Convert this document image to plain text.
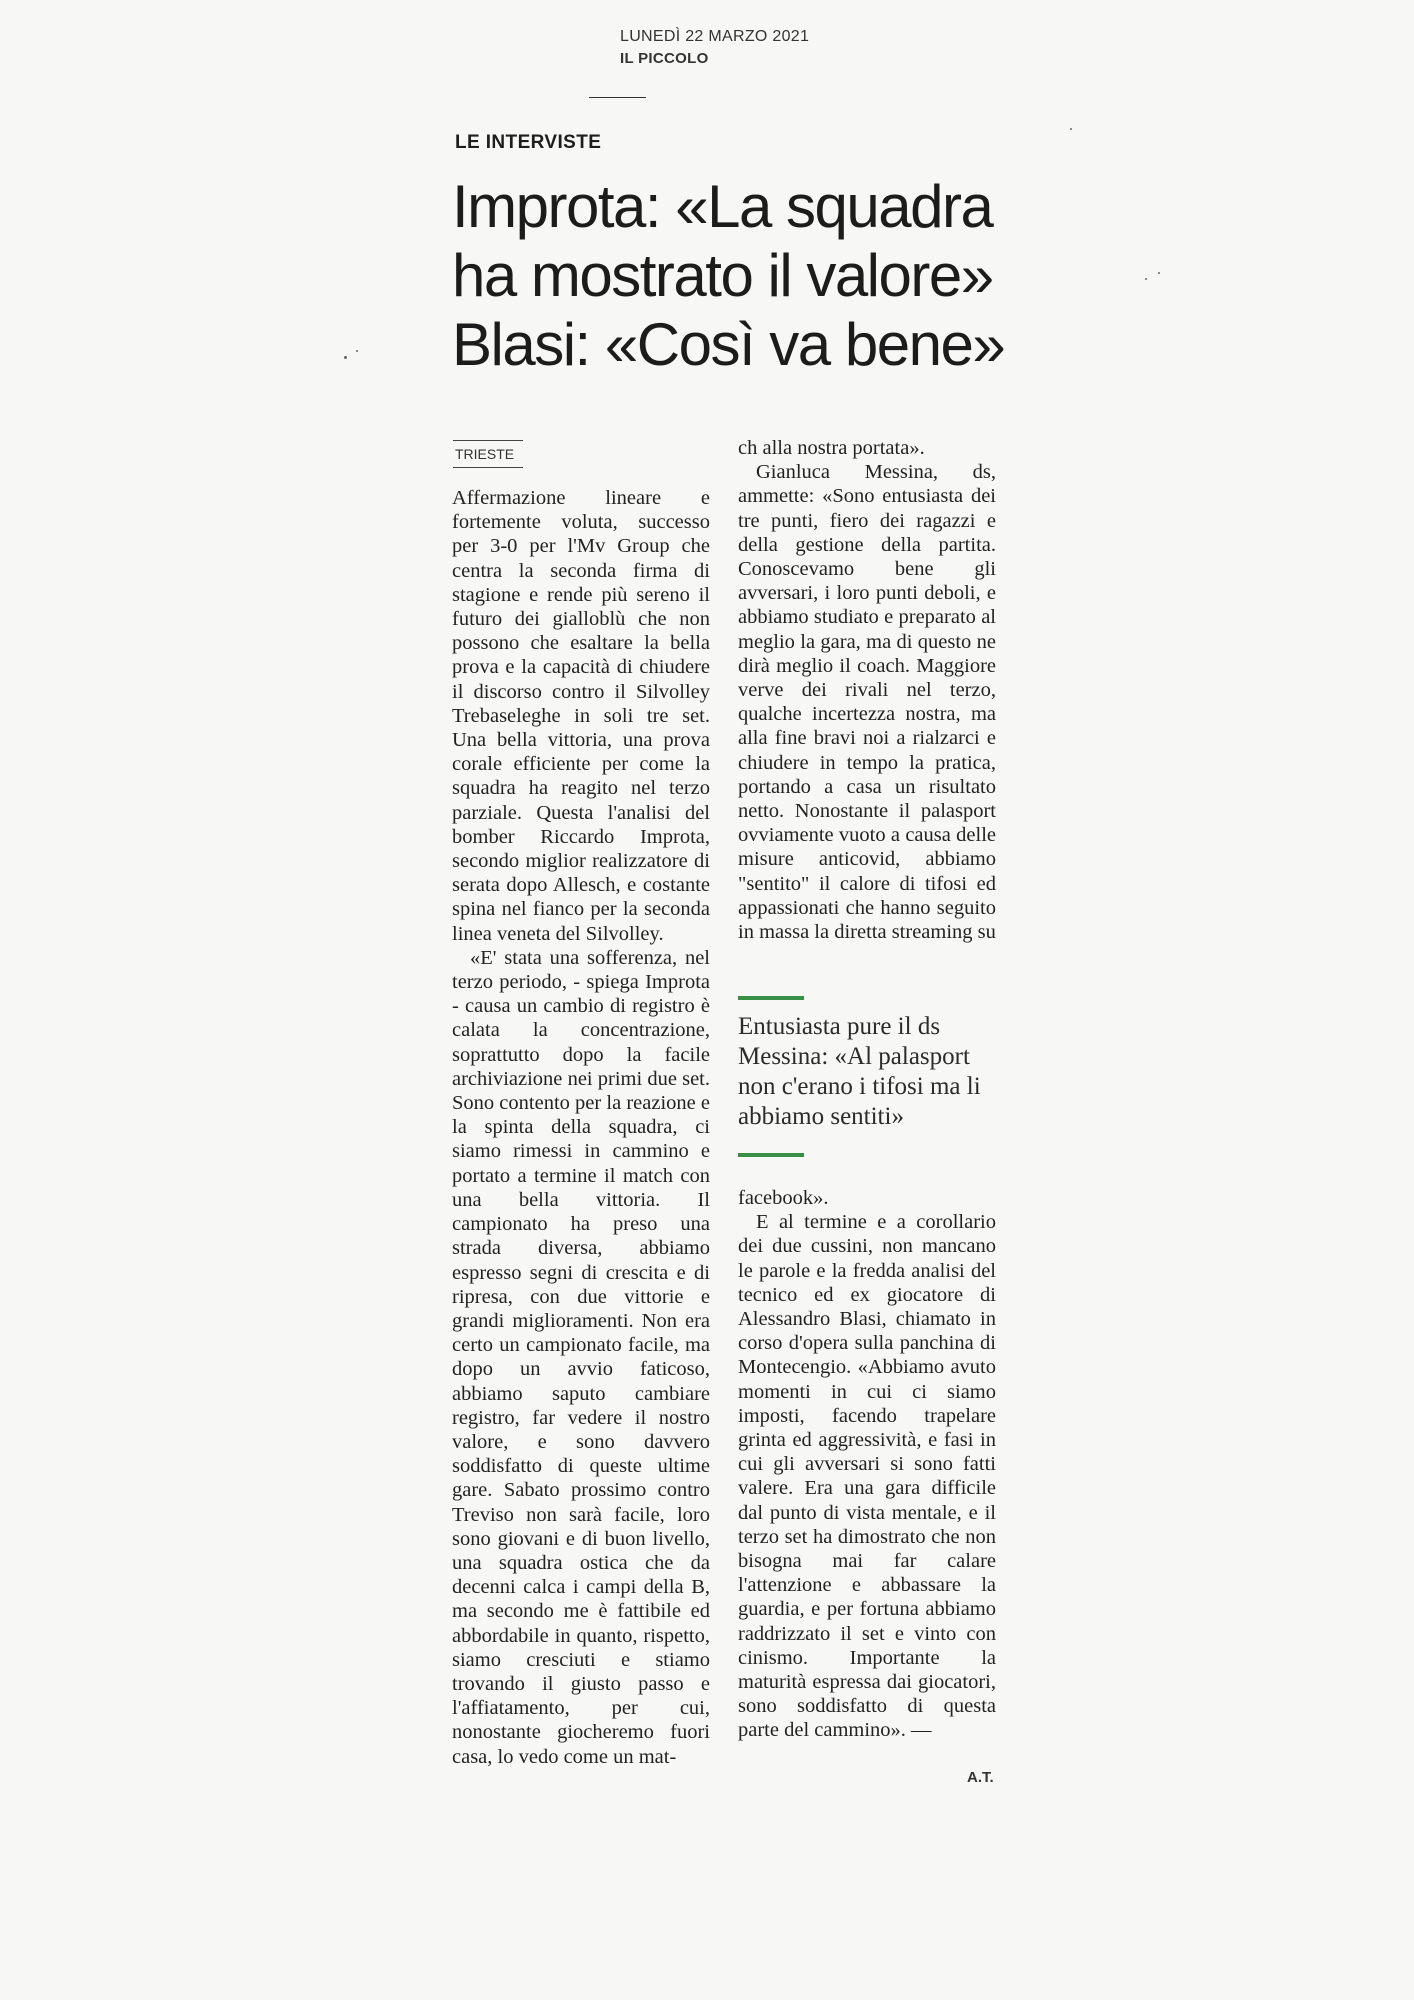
LUNEDÌ 22 MARZO 2021
IL PICCOLO
LE INTERVISTE
Improta: «La squadra
ha mostrato il valore»
Blasi: «Così va bene»
TRIESTE

Affermazione lineare e fortemente voluta, successo per 3-0 per l'Mv Group che centra la seconda firma di stagione e rende più sereno il futuro dei gialloblù che non possono che esaltare la bella prova e la capacità di chiudere il discorso contro il Silvolley Trebaseleghe in soli tre set. Una bella vittoria, una prova corale efficiente per come la squadra ha reagito nel terzo parziale. Questa l'analisi del bomber Riccardo Improta, secondo miglior realizzatore di serata dopo Allesch, e costante spina nel fianco per la seconda linea veneta del Silvolley.

«E' stata una sofferenza, nel terzo periodo, - spiega Improta - causa un cambio di registro è calata la concentrazione, soprattutto dopo la facile archiviazione nei primi due set. Sono contento per la reazione e la spinta della squadra, ci siamo rimessi in cammino e portato a termine il match con una bella vittoria. Il campionato ha preso una strada diversa, abbiamo espresso segni di crescita e di ripresa, con due vittorie e grandi miglioramenti. Non era certo un campionato facile, ma dopo un avvio faticoso, abbiamo saputo cambiare registro, far vedere il nostro valore, e sono davvero soddisfatto di queste ultime gare. Sabato prossimo contro Treviso non sarà facile, loro sono giovani e di buon livello, una squadra ostica che da decenni calca i campi della B, ma secondo me è fattibile ed abbordabile in quanto, rispetto, siamo cresciuti e stiamo trovando il giusto passo e l'affiatamento, per cui, nonostante giocheremo fuori casa, lo vedo come un mat-

ch alla nostra portata».

Gianluca Messina, ds, ammette: «Sono entusiasta dei tre punti, fiero dei ragazzi e della gestione della partita. Conoscevamo bene gli avversari, i loro punti deboli, e abbiamo studiato e preparato al meglio la gara, ma di questo ne dirà meglio il coach. Maggiore verve dei rivali nel terzo, qualche incertezza nostra, ma alla fine bravi noi a rialzarci e chiudere in tempo la pratica, portando a casa un risultato netto. Nonostante il palasport ovviamente vuoto a causa delle misure anticovid, abbiamo "sentito" il calore di tifosi ed appassionati che hanno seguito in massa la diretta streaming su

Entusiasta pure il ds Messina: «Al palasport non c'erano i tifosi ma li abbiamo sentiti»

facebook».

E al termine e a corollario dei due cussini, non mancano le parole e la fredda analisi del tecnico ed ex giocatore di Alessandro Blasi, chiamato in corso d'opera sulla panchina di Montecengio. «Abbiamo avuto momenti in cui ci siamo imposti, facendo trapelare grinta ed aggressività, e fasi in cui gli avversari si sono fatti valere. Era una gara difficile dal punto di vista mentale, e il terzo set ha dimostrato che non bisogna mai far calare l'attenzione e abbassare la guardia, e per fortuna abbiamo raddrizzato il set e vinto con cinismo. Importante la maturità espressa dai giocatori, sono soddisfatto di questa parte del cammino». —

A.T.
